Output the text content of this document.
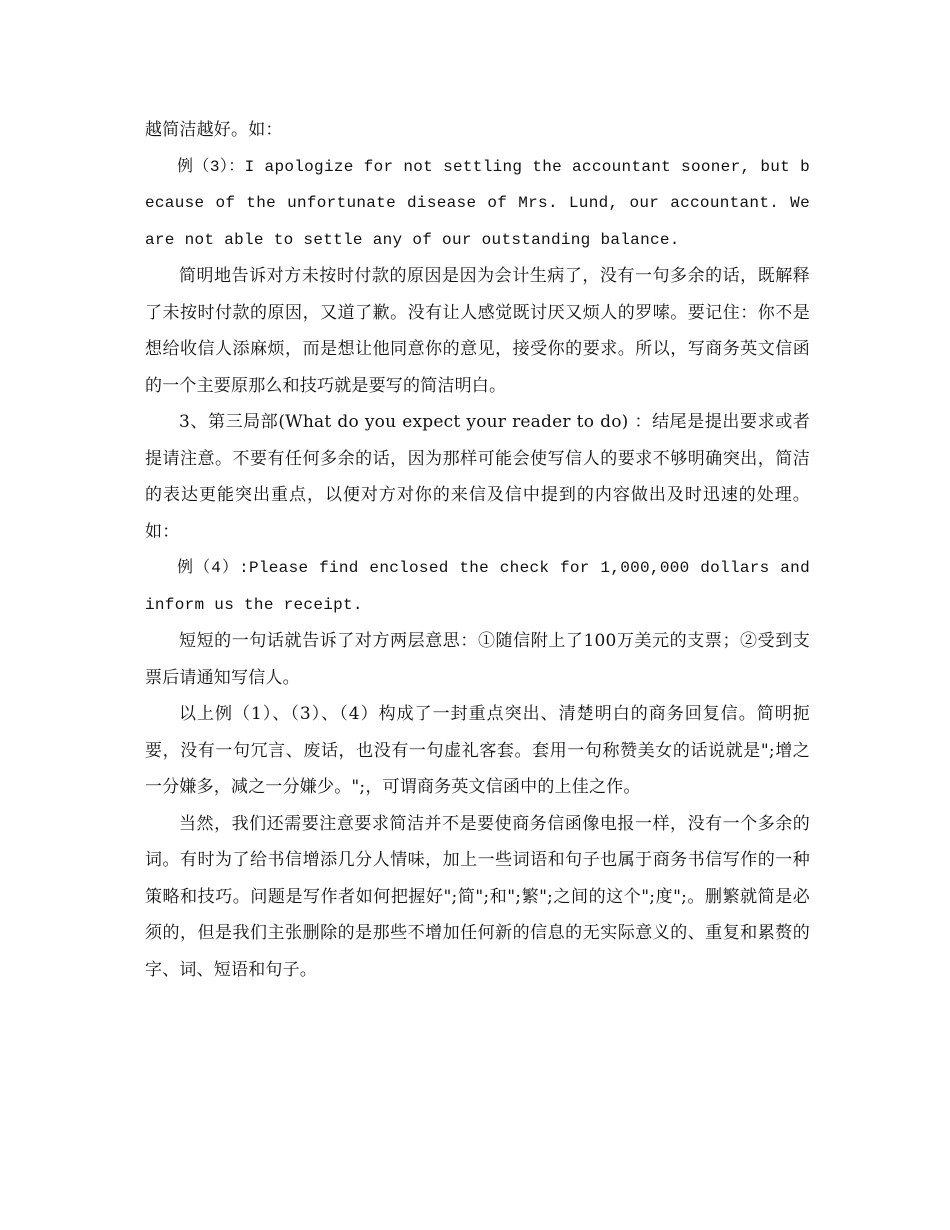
越简洁越好。如：

例（3）：I apologize for not settling the accountant sooner, but because of the unfortunate disease of Mrs. Lund, our accountant. We are not able to settle any of our outstanding balance.

简明地告诉对方未按时付款的原因是因为会计生病了，没有一句多余的话，既解释了未按时付款的原因，又道了歉。没有让人感觉既讨厌又烦人的罗嗦。要记住：你不是想给收信人添麻烦，而是想让他同意你的意见，接受你的要求。所以，写商务英文信函的一个主要原那么和技巧就是要写的简洁明白。

3、第三局部(What do you expect your reader to do) ：结尾是提出要求或者提请注意。不要有任何多余的话，因为那样可能会使写信人的要求不够明确突出，简洁的表达更能突出重点，以便对方对你的来信及信中提到的内容做出及时迅速的处理。如：

例（4）:Please find enclosed the check for 1,000,000 dollars and inform us the receipt.

短短的一句话就告诉了对方两层意思：①随信附上了100万美元的支票；②受到支票后请通知写信人。

以上例（1）、（3）、（4）构成了一封重点突出、清楚明白的商务回复信。简明扼要，没有一句冗言、废话，也没有一句虚礼客套。套用一句称赞美女的话说就是";增之一分嫌多，减之一分嫌少。";，可谓商务英文信函中的上佳之作。

当然，我们还需要注意要求简洁并不是要使商务信函像电报一样，没有一个多余的词。有时为了给书信增添几分人情味，加上一些词语和句子也属于商务书信写作的一种策略和技巧。问题是写作者如何把握好";简";和";繁";之间的这个";度";。删繁就简是必须的，但是我们主张删除的是那些不增加任何新的信息的无实际意义的、重复和累赘的字、词、短语和句子。
